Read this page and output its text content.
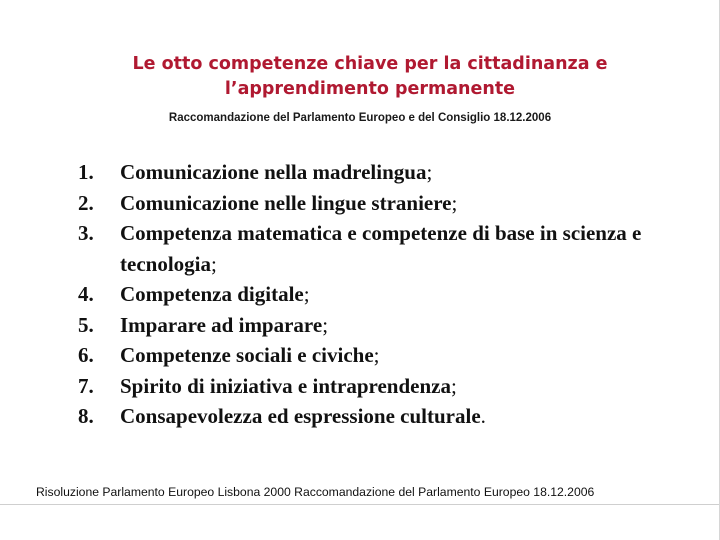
Le otto competenze chiave per la cittadinanza e l’apprendimento permanente

Raccomandazione del Parlamento Europeo e del Consiglio 18.12.2006

1.	Comunicazione nella madrelingua;
2.	Comunicazione nelle lingue straniere;
3.	Competenza matematica e competenze di base in scienza e tecnologia;
4.	Competenza digitale;
5.	Imparare ad imparare;
6.	Competenze sociali e civiche;
7.	Spirito di iniziativa e intraprendenza;
8.	Consapevolezza ed espressione culturale.

Risoluzione Parlamento Europeo Lisbona 2000 Raccomandazione del Parlamento Europeo 18.12.2006
